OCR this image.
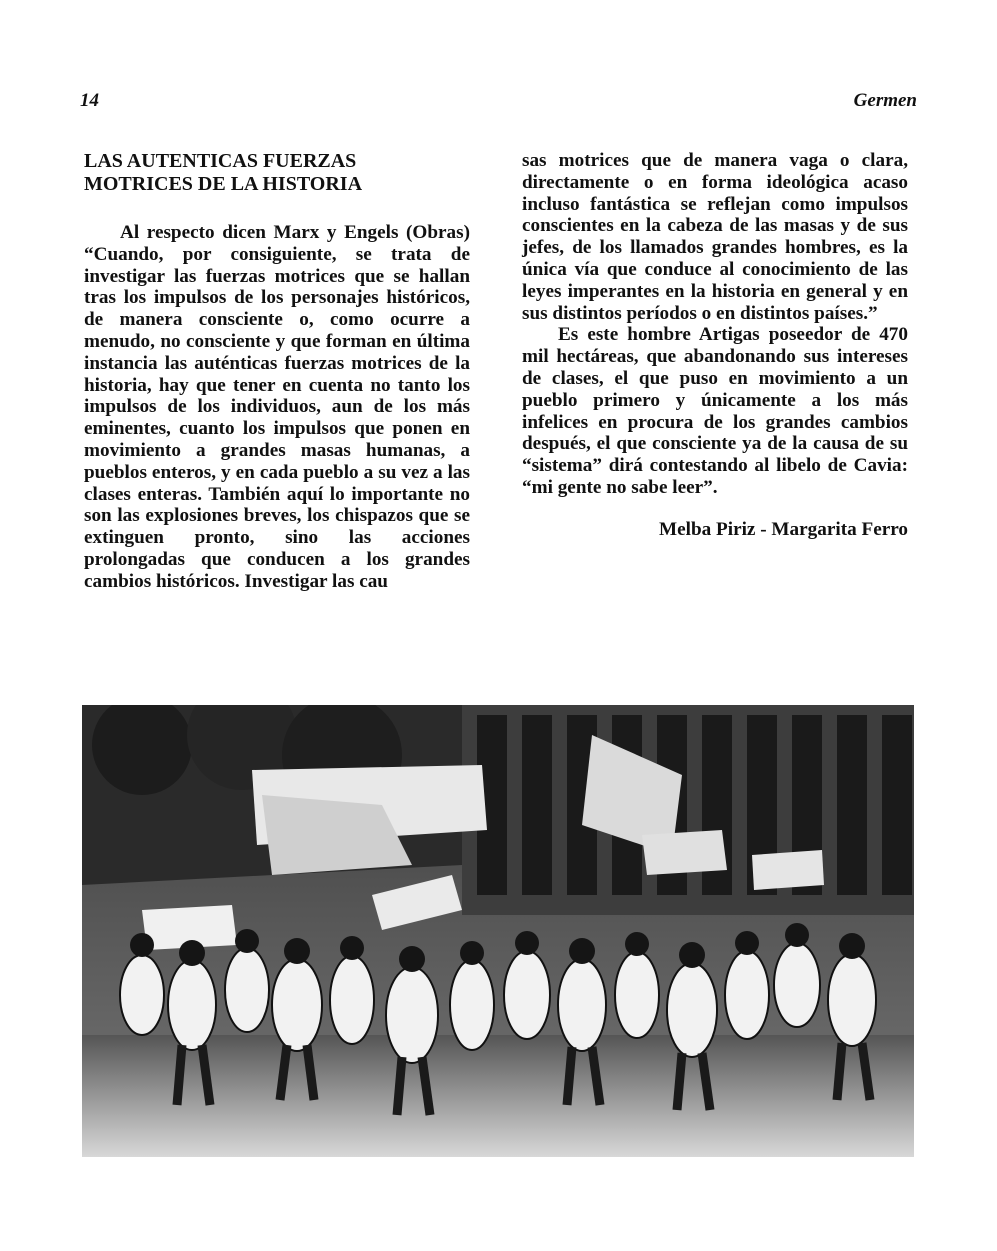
14	Germen
LAS AUTENTICAS FUERZAS
MOTRICES DE LA HISTORIA

Al respecto dicen Marx y Engels (Obras) “Cuando, por consiguiente, se trata de investigar las fuerzas motrices que se hallan tras los impulsos de los personajes históricos, de manera consciente o, como ocurre a menudo, no consciente y que forman en última instancia las auténticas fuerzas motrices de la historia, hay que tener en cuenta no tanto los impulsos de los individuos, aun de los más eminentes, cuanto los impulsos que ponen en movimiento a grandes masas humanas, a pueblos enteros, y en cada pueblo a su vez a las clases enteras. También aquí lo importante no son las explosiones breves, los chispazos que se extinguen pronto, sino las acciones prolongadas que conducen a los grandes cambios históricos. Investigar las cau

sas motrices que de manera vaga o clara, directamente o en forma ideológica acaso incluso fantástica se reflejan como impulsos conscientes en la cabeza de las masas y de sus jefes, de los llamados grandes hombres, es la única vía que conduce al conocimiento de las leyes imperantes en la historia en general y en sus distintos períodos o en distintos países.”

Es este hombre Artigas poseedor de 470 mil hectáreas, que abandonando sus intereses de clases, el que puso en movimiento a un pueblo primero y únicamente a los más infelices en procura de los grandes cambios después, el que consciente ya de la causa de su “sistema” dirá contestando al libelo de Cavia: “mi gente no sabe leer”.

Melba Piriz - Margarita Ferro
